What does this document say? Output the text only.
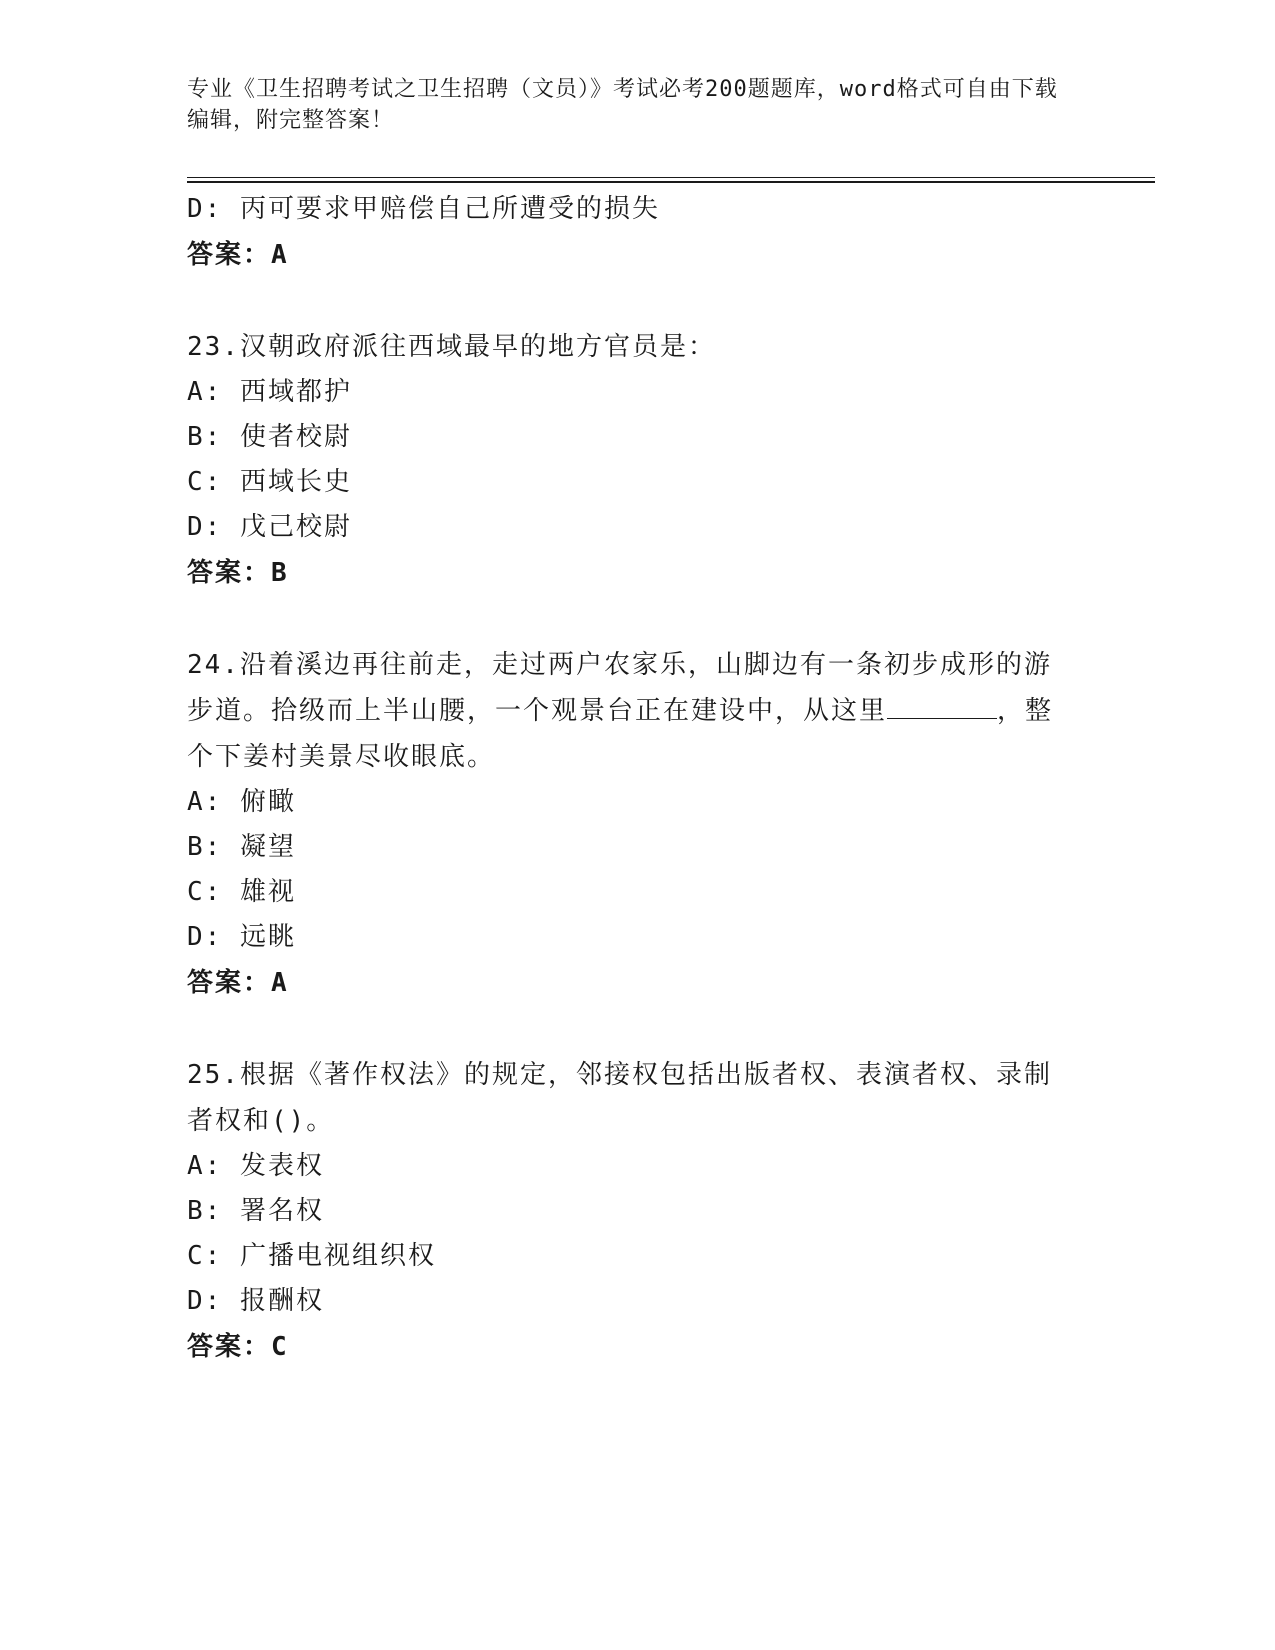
专业《卫生招聘考试之卫生招聘（文员）》考试必考200题题库，word格式可自由下载编辑，附完整答案！
D: 丙可要求甲赔偿自己所遭受的损失
答案：A
23.汉朝政府派往西域最早的地方官员是：
A: 西域都护
B: 使者校尉
C: 西域长史
D: 戊己校尉
答案：B
24.沿着溪边再往前走，走过两户农家乐，山脚边有一条初步成形的游步道。拾级而上半山腰，一个观景台正在建设中，从这里	，整个下姜村美景尽收眼底。
A: 俯瞰
B: 凝望
C: 雄视
D: 远眺
答案：A
25.根据《著作权法》的规定，邻接权包括出版者权、表演者权、录制者权和()。
A: 发表权
B: 署名权
C: 广播电视组织权
D: 报酬权
答案：C
